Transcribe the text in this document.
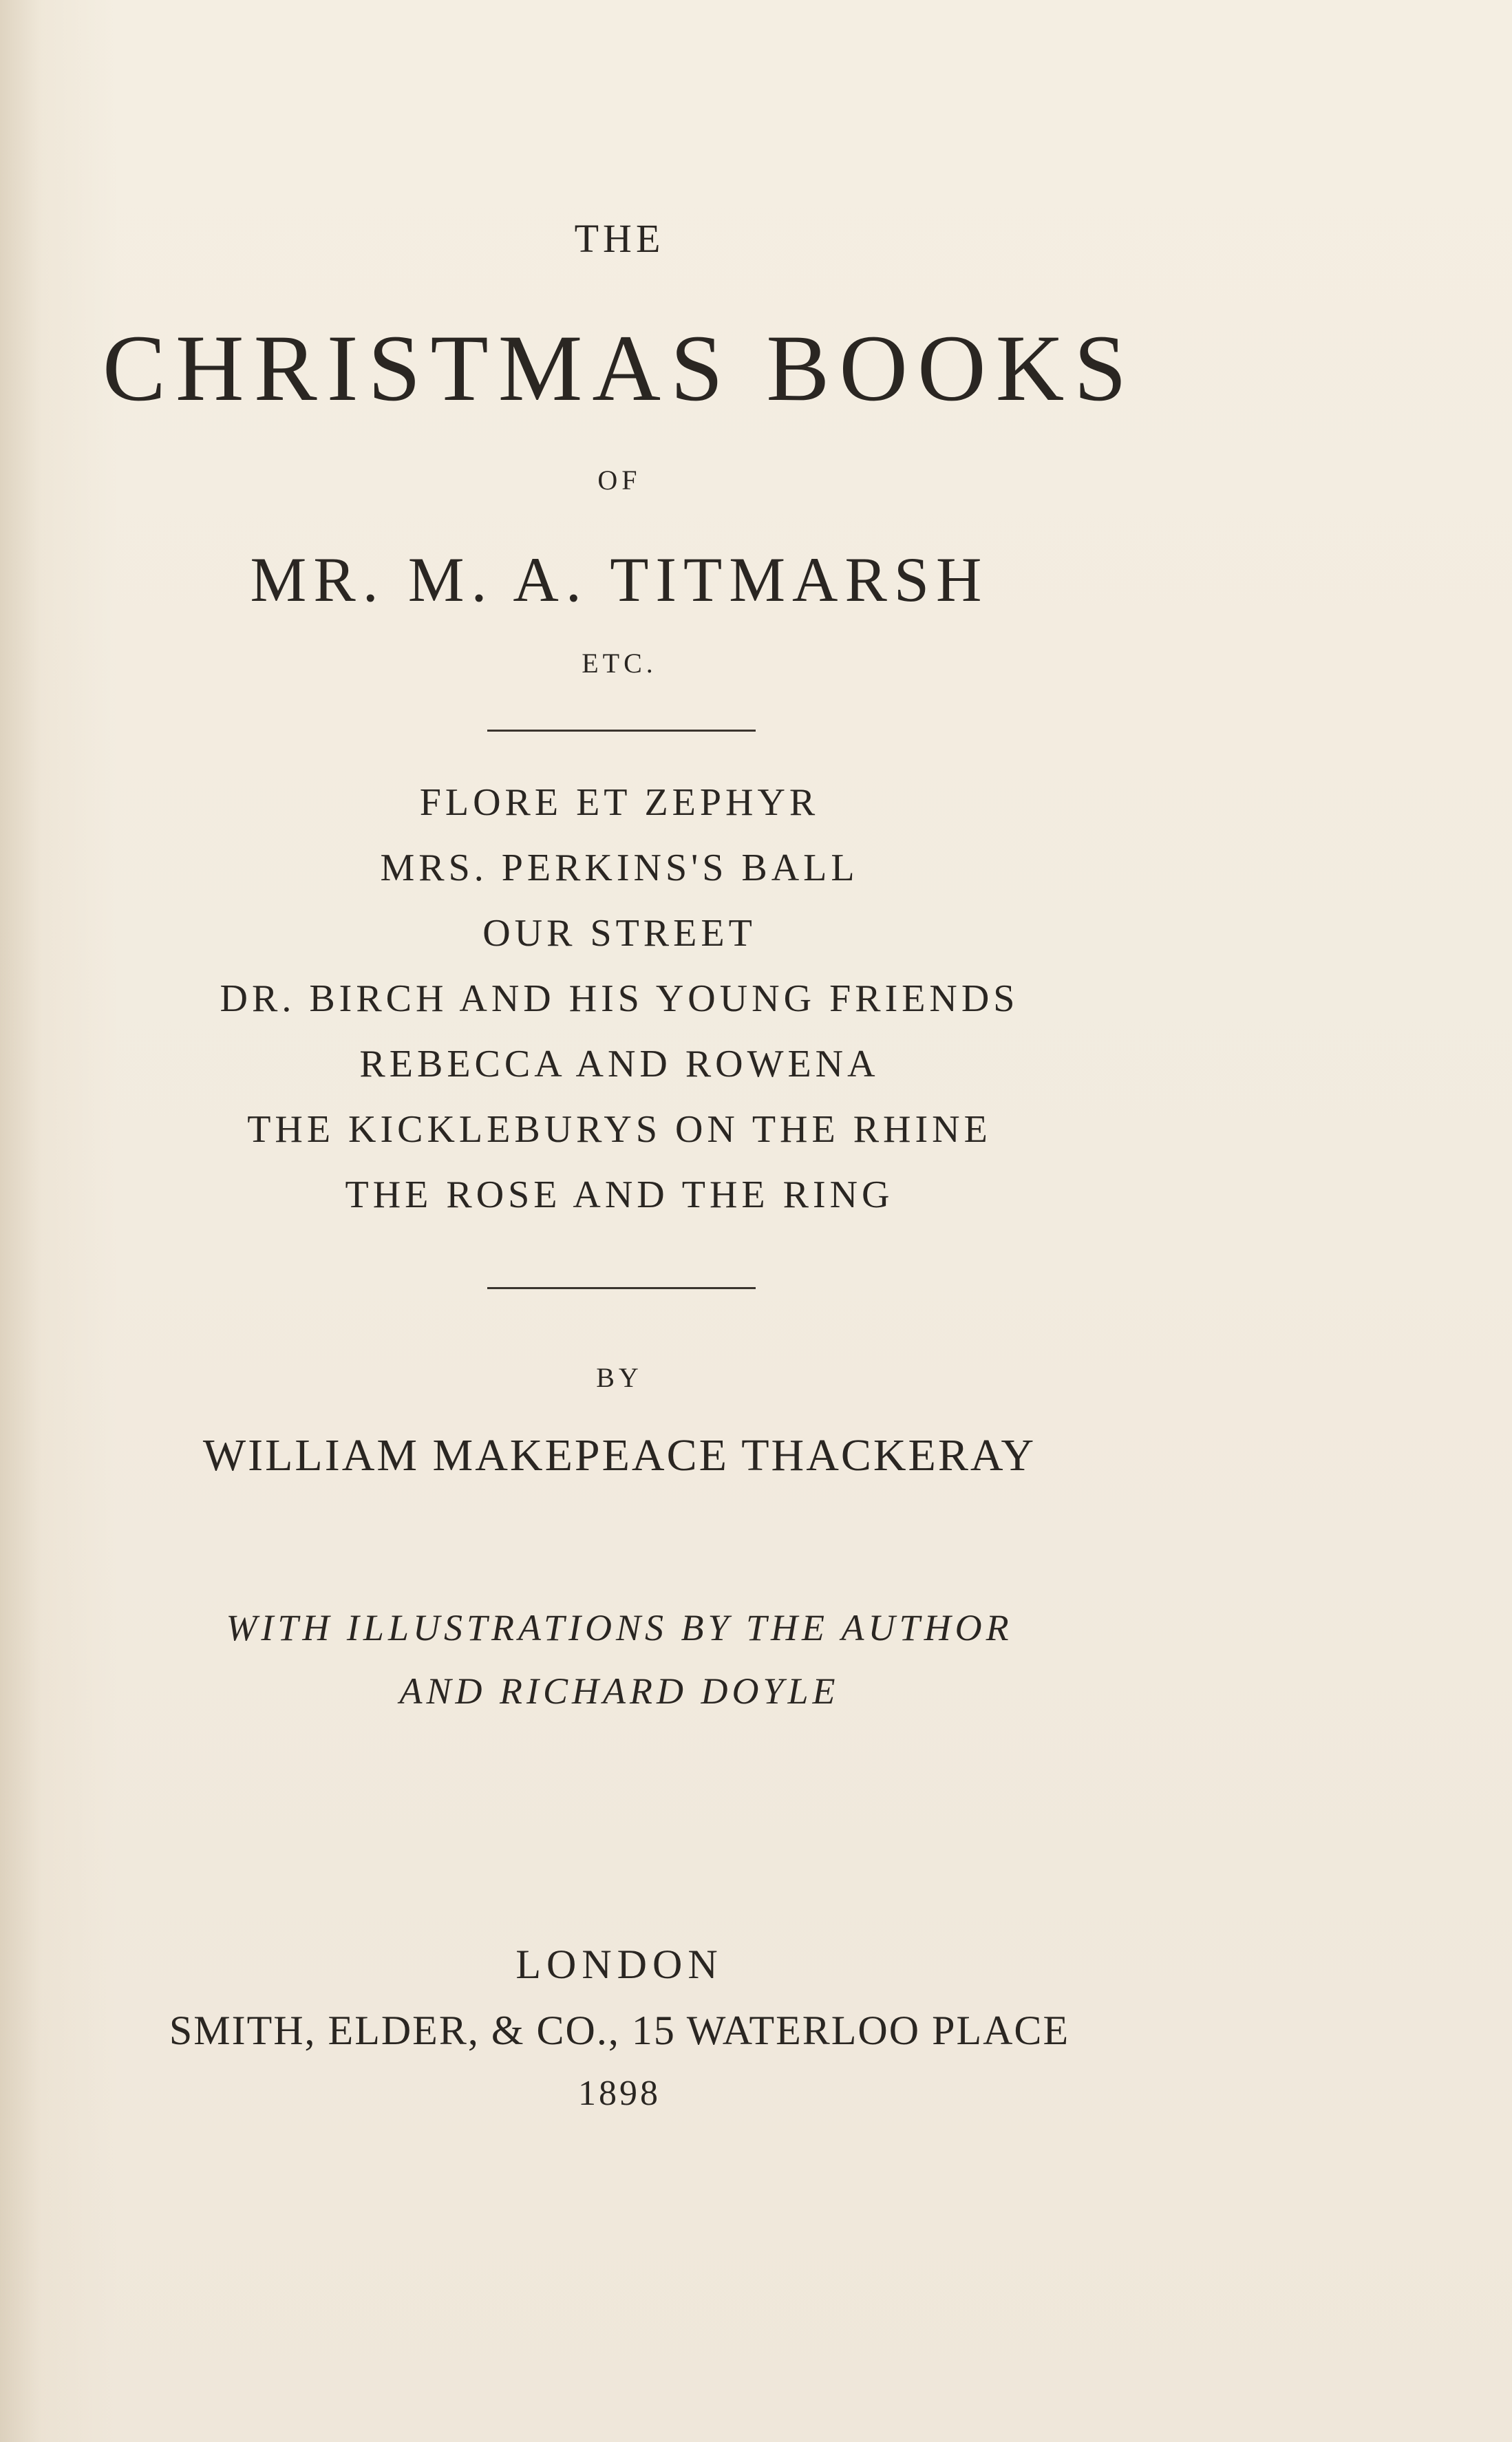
THE
CHRISTMAS BOOKS
OF
MR. M. A. TITMARSH
ETC.
FLORE ET ZEPHYR
MRS. PERKINS'S BALL
OUR STREET
DR. BIRCH AND HIS YOUNG FRIENDS
REBECCA AND ROWENA
THE KICKLEBURYS ON THE RHINE
THE ROSE AND THE RING
BY
WILLIAM MAKEPEACE THACKERAY
WITH ILLUSTRATIONS BY THE AUTHOR
AND RICHARD DOYLE
LONDON
SMITH, ELDER, & CO., 15 WATERLOO PLACE
1898
